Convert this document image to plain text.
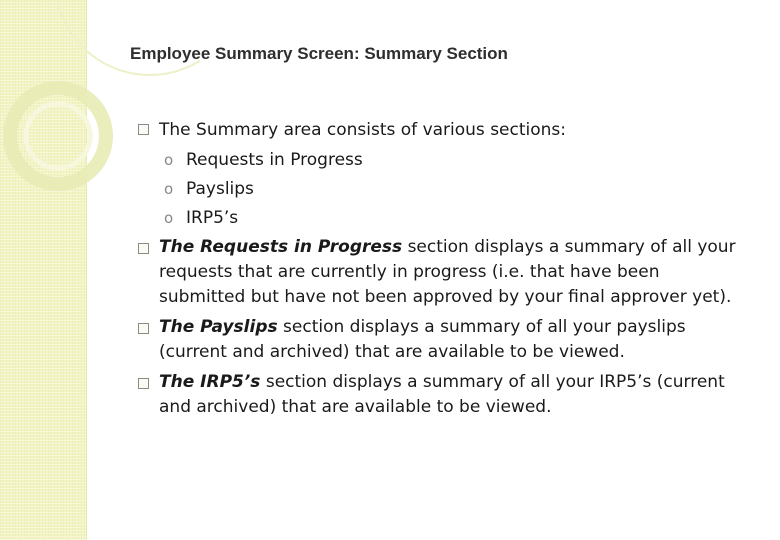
Employee Summary Screen: Summary Section
The Summary area consists of various sections:
o Requests in Progress
o Payslips
o IRP5’s
The Requests in Progress section displays a summary of all your
requests that are currently in progress (i.e. that have been
submitted but have not been approved by your final approver yet).
The Payslips section displays a summary of all your payslips
(current and archived) that are available to be viewed.
The IRP5’s section displays a summary of all your IRP5’s (current
and archived) that are available to be viewed.
